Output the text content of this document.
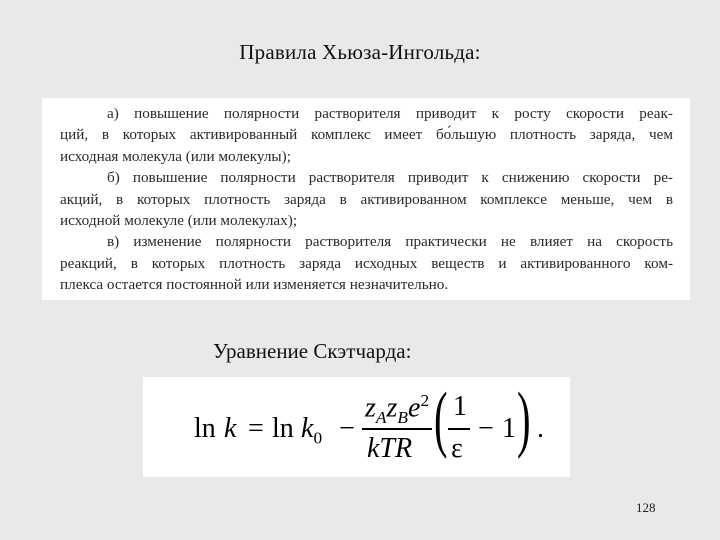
Правила Хьюза-Ингольда:
а) повышение полярности растворителя приводит к росту скорости реак-
ций, в которых активированный комплекс имеет бо́льшую плотность заряда, чем
исходная молекула (или молекулы);
б) повышение полярности растворителя приводит к снижению скорости ре-
акций, в которых плотность заряда в активированном комплексе меньше, чем в
исходной молекуле (или молекулах);
в) изменение полярности растворителя практически не влияет на скорость
реакций, в которых плотность заряда исходных веществ и активированного ком-
плекса остается постоянной или изменяется незначительно.
Уравнение Скэтчарда:
$\ln k = \ln k_0$ −
$z_Az_Be^2$
kTR ( 1
ε
− 1 ) .
128
